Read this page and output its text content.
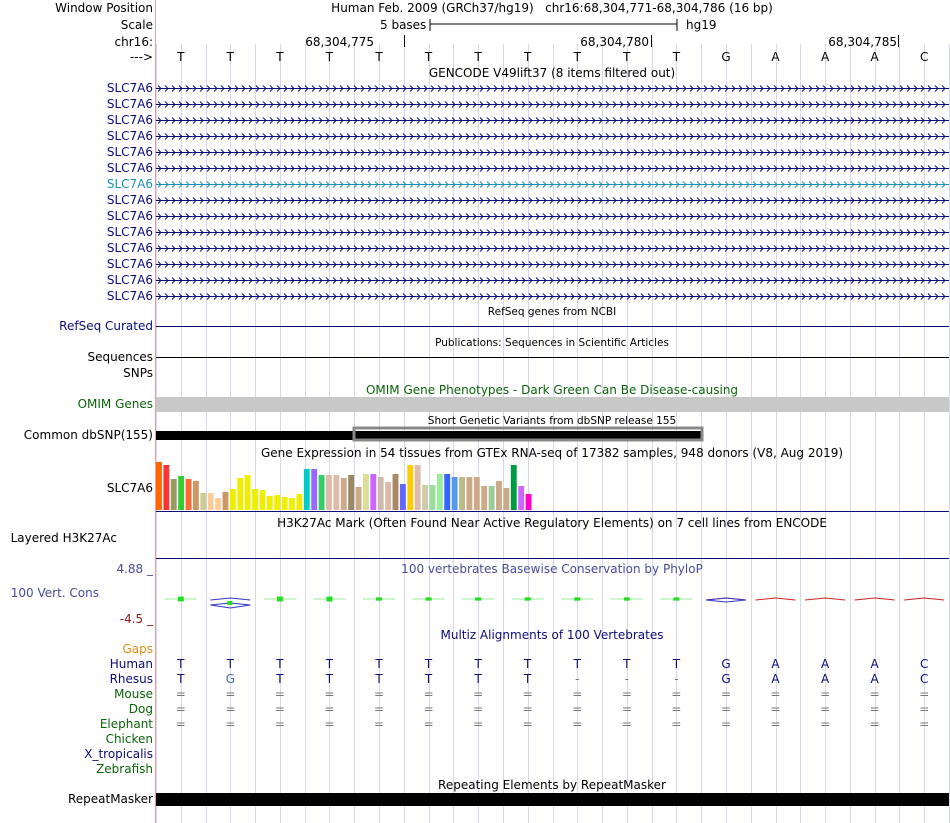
Window Position
Scale
chr16:
--->
Human Feb. 2009 (GRCh37/hg19)   chr16:68,304,771-68,304,786 (16 bp)
5 bases	hg19
68,304,775	68,304,780	68,304,785
T	T	T	T	T	T	T	T	T	T	T	G	A	A	A	C
GENCODE V49lift37 (8 items filtered out)
SLC7A6
SLC7A6
SLC7A6
SLC7A6
SLC7A6
SLC7A6
SLC7A6
SLC7A6
SLC7A6
SLC7A6
SLC7A6
SLC7A6
SLC7A6
SLC7A6
RefSeq genes from NCBI
RefSeq Curated
Publications: Sequences in Scientific Articles
Sequences
SNPs
OMIM Gene Phenotypes - Dark Green Can Be Disease-causing
OMIM Genes
Short Genetic Variants from dbSNP release 155
Common dbSNP(155)
Gene Expression in 54 tissues from GTEx RNA-seq of 17382 samples, 948 donors (V8, Aug 2019)
SLC7A6
H3K27Ac Mark (Often Found Near Active Regulatory Elements) on 7 cell lines from ENCODE
Layered H3K27Ac
100 vertebrates Basewise Conservation by PhyloP
4.88 _
100 Vert. Cons
-4.5 _
Multiz Alignments of 100 Vertebrates
Gaps
Human T	T	T	T	T	T	T	T	T	T	T	G	A	A	A	C
Rhesus T	G	T	T	T	T	T	T	-	-	-	G	A	A	A	C
Mouse =	=	=	=	=	=	=	=	=	=	=	=	=	=	=	=
Dog =	=	=	=	=	=	=	=	=	=	=	=	=	=	=	=
Elephant =	=	=	=	=	=	=	=	=	=	=	=	=	=	=	=
Chicken
X_tropicalis
Zebrafish
Repeating Elements by RepeatMasker
RepeatMasker
